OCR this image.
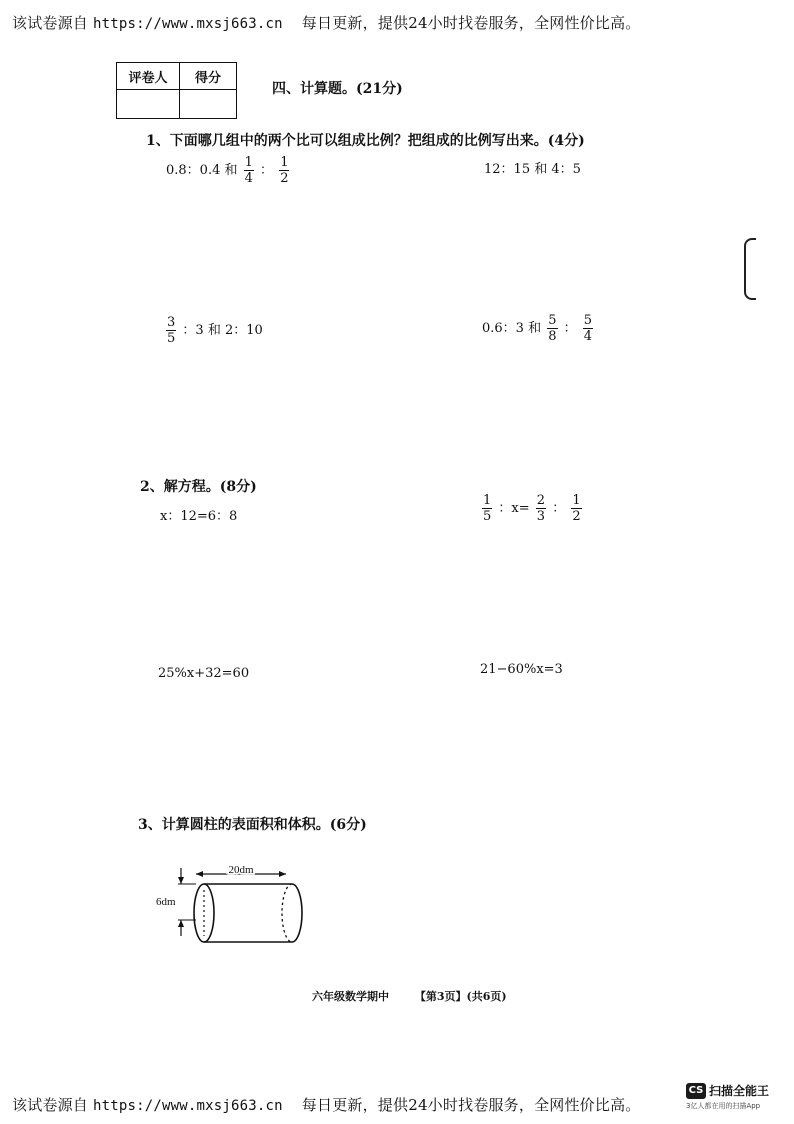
该试卷源自 https://www.mxsj663.cn 每日更新，提供24小时找卷服务，全网性价比高。
评卷人	得分

四、计算题。(21分)
1、下面哪几组中的两个比可以组成比例？把组成的比例写出来。(4分)
0.8：0.4 和 $\frac{1}{4}$ ： $\frac{1}{2}$	12：15 和 4：5
$\frac{3}{5}$ ：3 和 2：10	0.6：3 和 $\frac{5}{8}$ ： $\frac{5}{4}$
2、解方程。(8分)
x：12=6：8	$\frac{1}{5}$ ：$x= \frac{2}{3}$ ： $\frac{1}{2}$
25%x+32=60	21−60%x=3
3、计算圆柱的表面积和体积。(6分)
20dm
6dm
六年级数学期中 【第3页】(共6页)
该试卷源自 https://www.mxsj663.cn 每日更新，提供24小时找卷服务，全网性价比高。
CS 扫描全能王
3亿人都在用的扫描App
